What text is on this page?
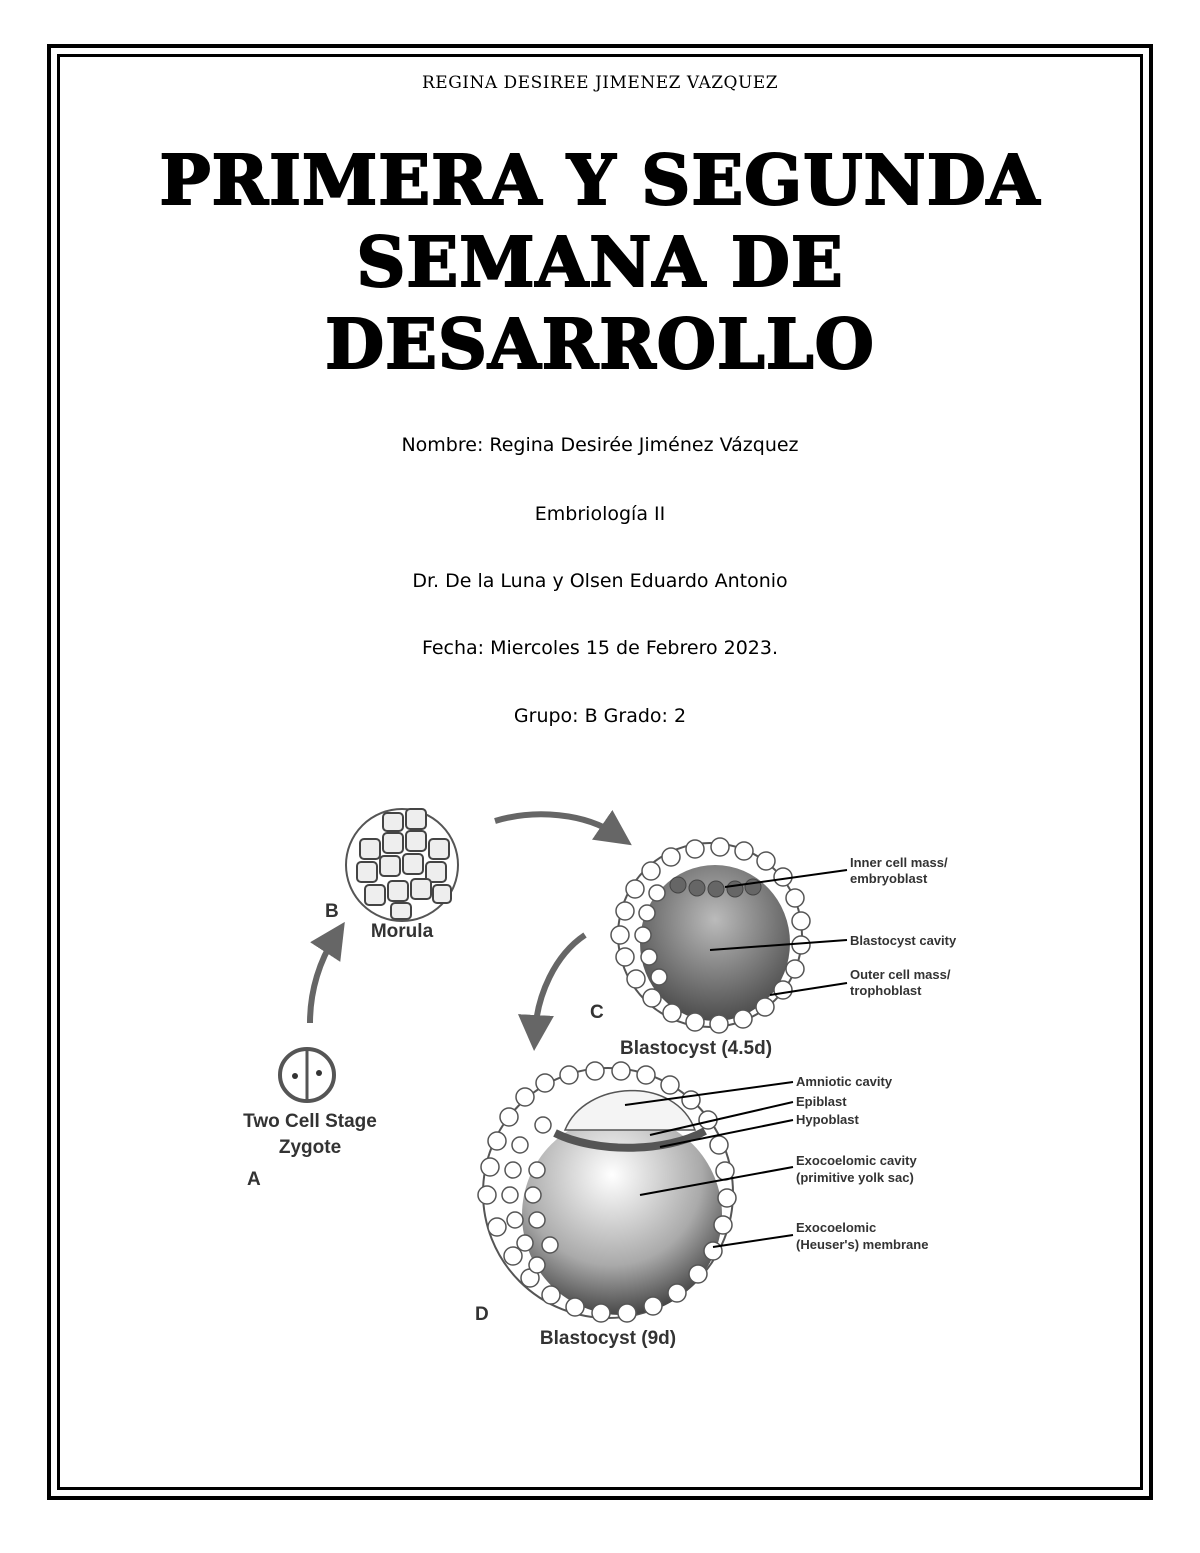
REGINA DESIREE JIMENEZ VAZQUEZ
PRIMERA Y SEGUNDA
SEMANA DE
DESARROLLO
Nombre: Regina Desirée Jiménez Vázquez
Embriología II
Dr. De la Luna y Olsen Eduardo Antonio
Fecha: Miercoles 15 de Febrero 2023.
Grupo: B Grado: 2
Two Cell Stage
Zygote
A
B
Morula
Inner cell mass/
embryoblast
Blastocyst cavity
Outer cell mass/
trophoblast
C
Blastocyst (4.5d)
Amniotic cavity
Epiblast
Hypoblast
Exocoelomic cavity
(primitive yolk sac)
Exocoelomic
(Heuser's) membrane
D
Blastocyst (9d)
